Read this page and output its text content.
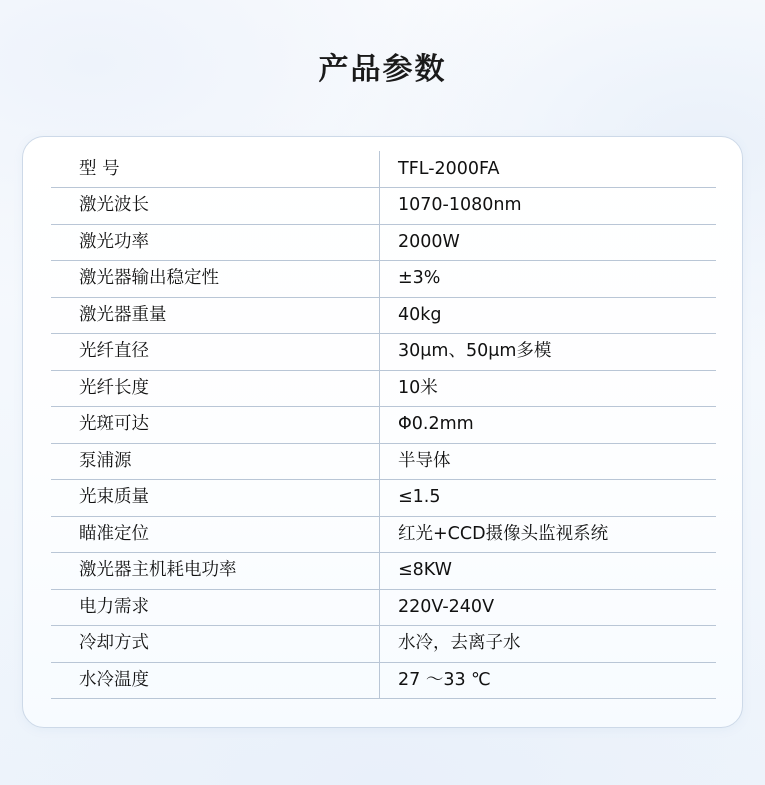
产品参数
型 号	TFL-2000FA
激光波长	1070-1080nm
激光功率	2000W
激光器输出稳定性	±3%
激光器重量	40kg
光纤直径	30μm、50μm多模
光纤长度	10米
光斑可达	Φ0.2mm
泵浦源	半导体
光束质量	≤1.5
瞄准定位	红光+CCD摄像头监视系统
激光器主机耗电功率	≤8KW
电力需求	220V-240V
冷却方式	水冷，去离子水
水冷温度	27 ～33 ℃
